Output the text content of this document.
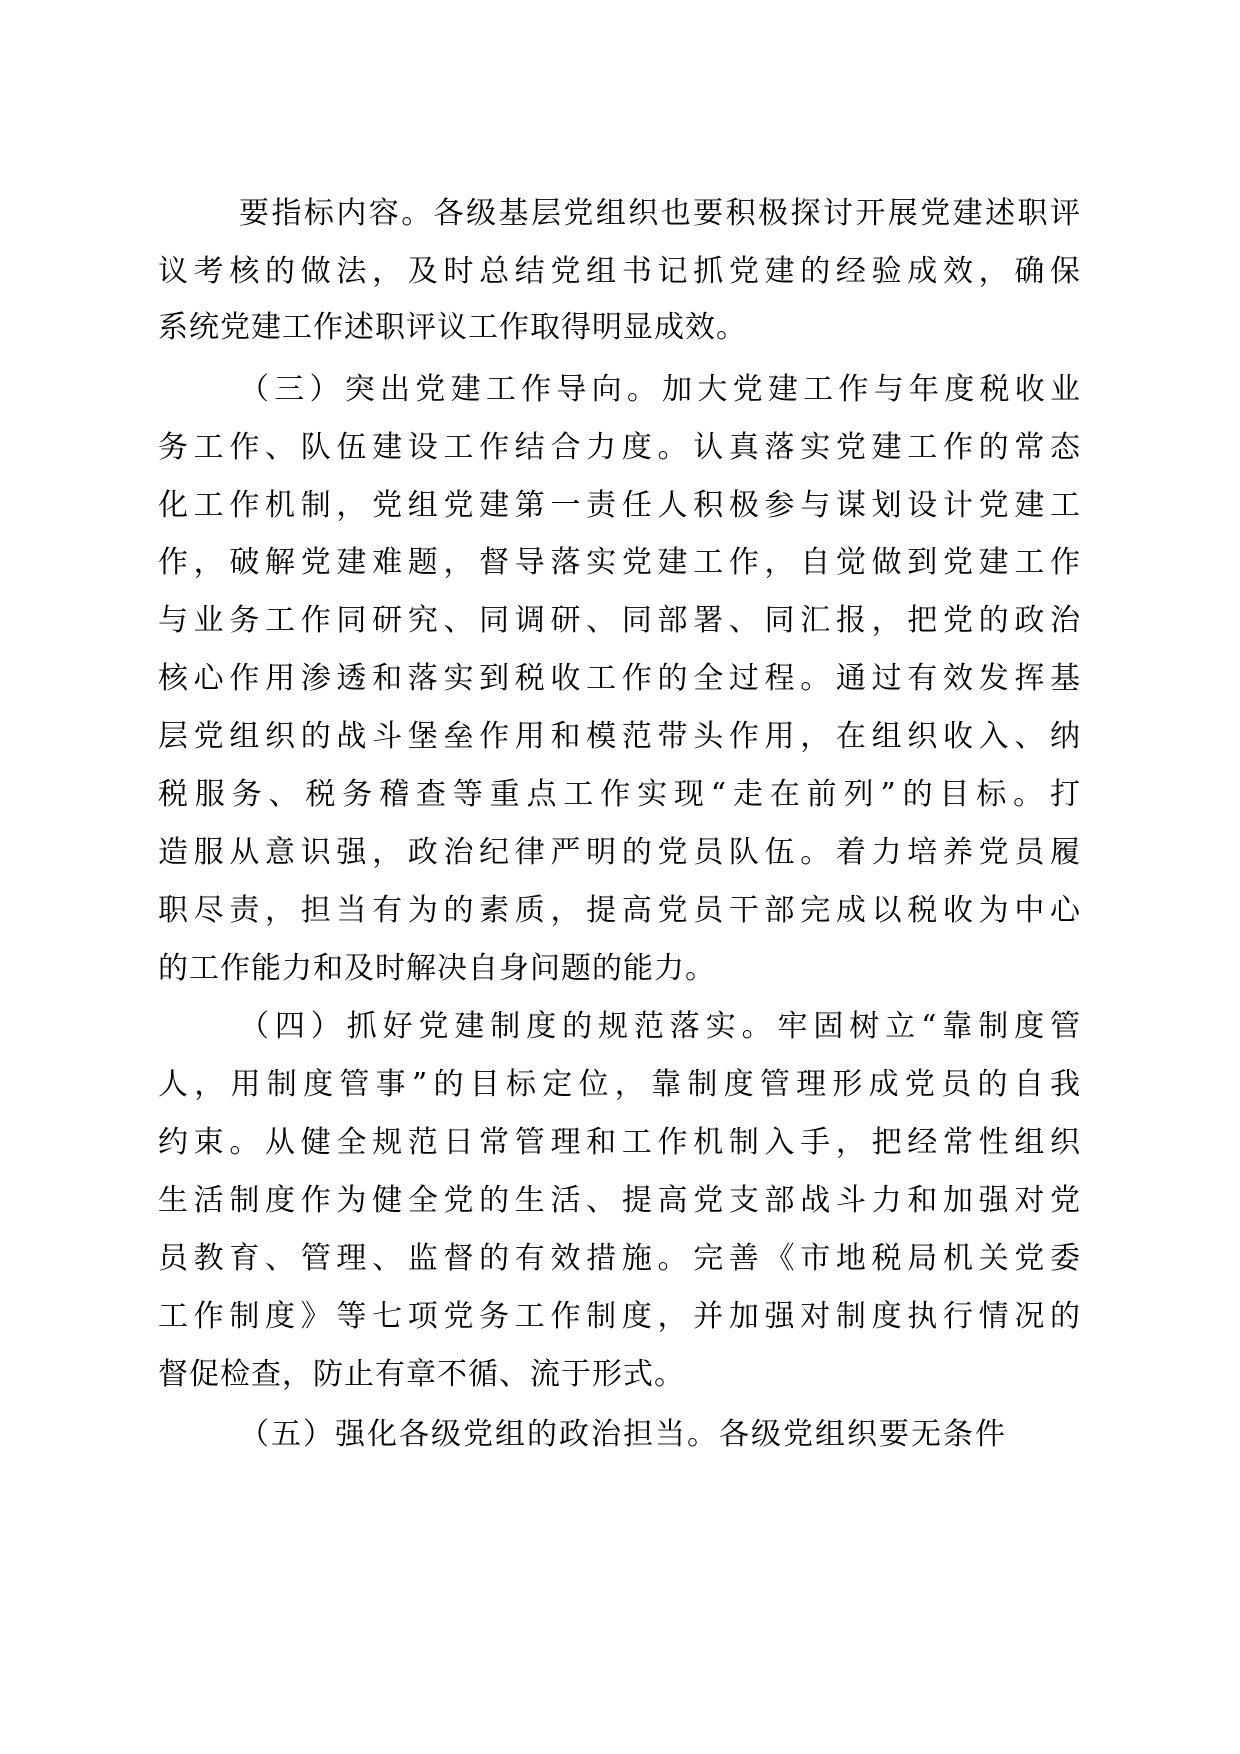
要指标内容。各级基层党组织也要积极探讨开展党建述职评
议考核的做法，及时总结党组书记抓党建的经验成效，确保
系统党建工作述职评议工作取得明显成效。
（三）突出党建工作导向。加大党建工作与年度税收业
务工作、队伍建设工作结合力度。认真落实党建工作的常态
化工作机制，党组党建第一责任人积极参与谋划设计党建工
作，破解党建难题，督导落实党建工作，自觉做到党建工作
与业务工作同研究、同调研、同部署、同汇报，把党的政治
核心作用渗透和落实到税收工作的全过程。通过有效发挥基
层党组织的战斗堡垒作用和模范带头作用，在组织收入、纳
税服务、税务稽查等重点工作实现“走在前列”的目标。打
造服从意识强，政治纪律严明的党员队伍。着力培养党员履
职尽责，担当有为的素质，提高党员干部完成以税收为中心
的工作能力和及时解决自身问题的能力。
（四）抓好党建制度的规范落实。牢固树立“靠制度管
人，用制度管事”的目标定位，靠制度管理形成党员的自我
约束。从健全规范日常管理和工作机制入手，把经常性组织
生活制度作为健全党的生活、提高党支部战斗力和加强对党
员教育、管理、监督的有效措施。完善《市地税局机关党委
工作制度》等七项党务工作制度，并加强对制度执行情况的
督促检查，防止有章不循、流于形式。
（五）强化各级党组的政治担当。各级党组织要无条件
